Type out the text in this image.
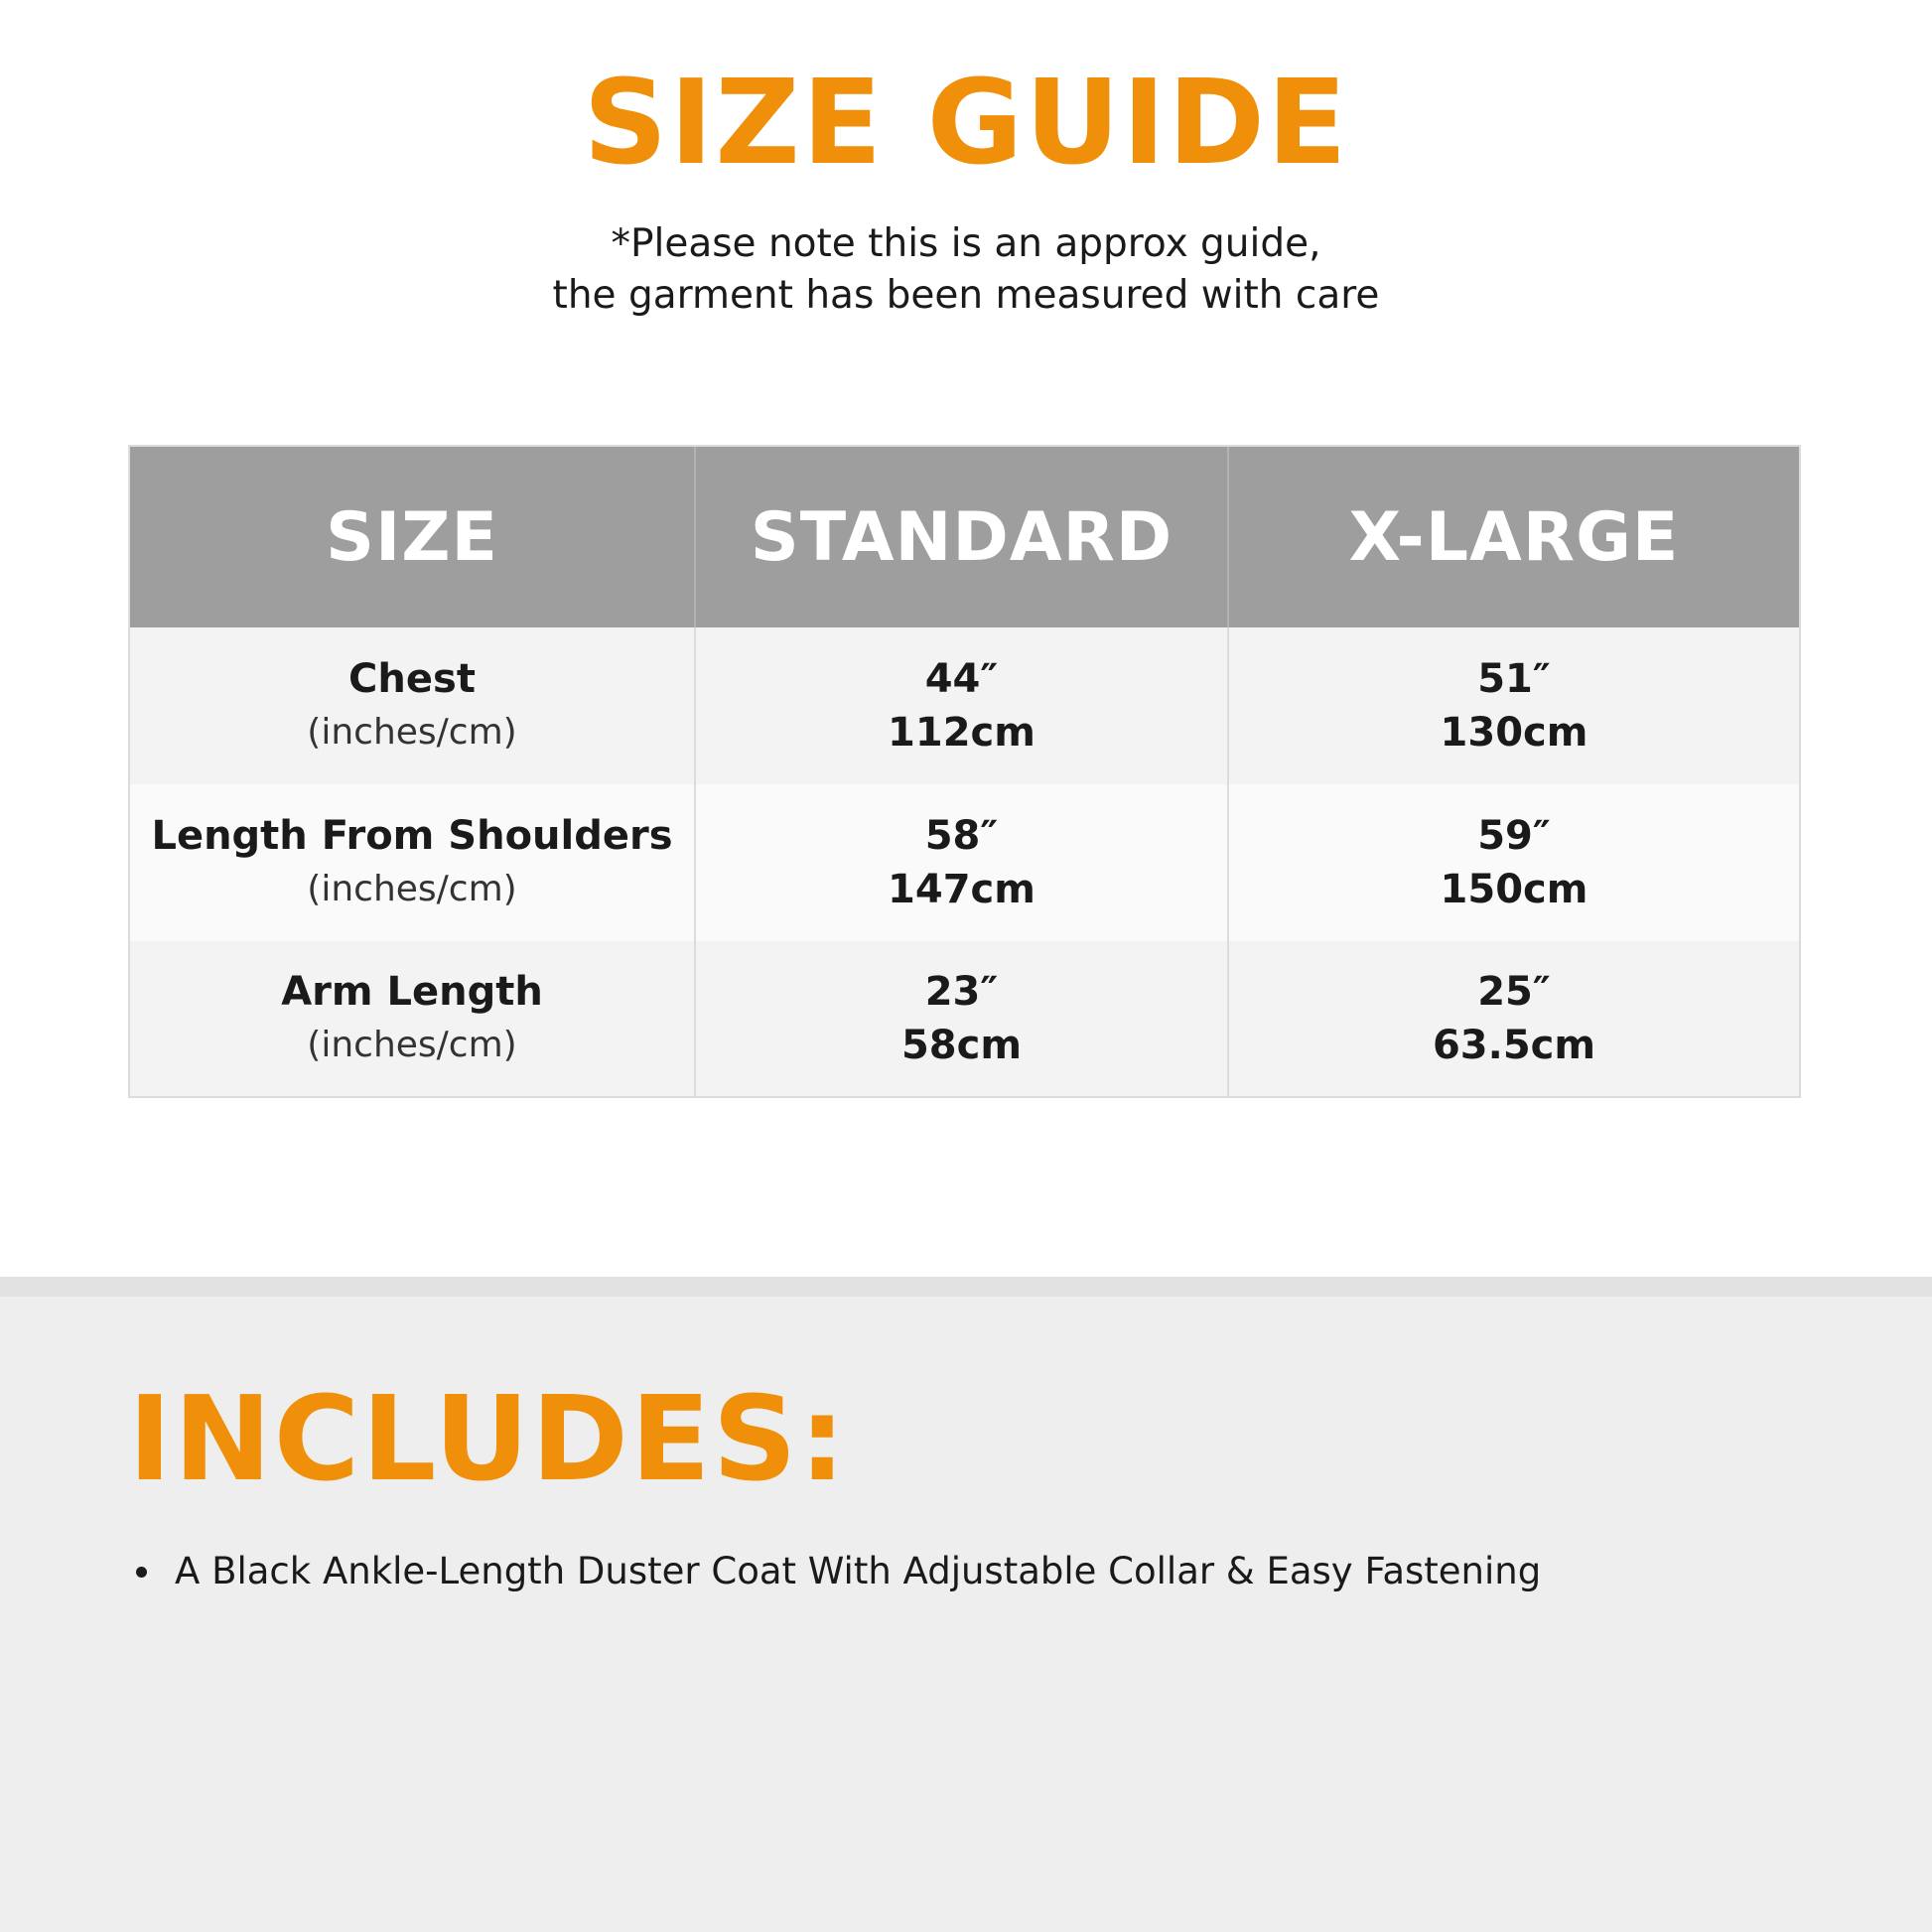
SIZE GUIDE
*Please note this is an approx guide,
the garment has been measured with care
SIZE	STANDARD	X-LARGE
Chest
(inches/cm)
44″
112cm
51″
130cm
Length From Shoulders
(inches/cm)
58″
147cm
59″
150cm
Arm Length
(inches/cm)
23″
58cm
25″
63.5cm
INCLUDES:
A Black Ankle-Length Duster Coat With Adjustable Collar & Easy Fastening
